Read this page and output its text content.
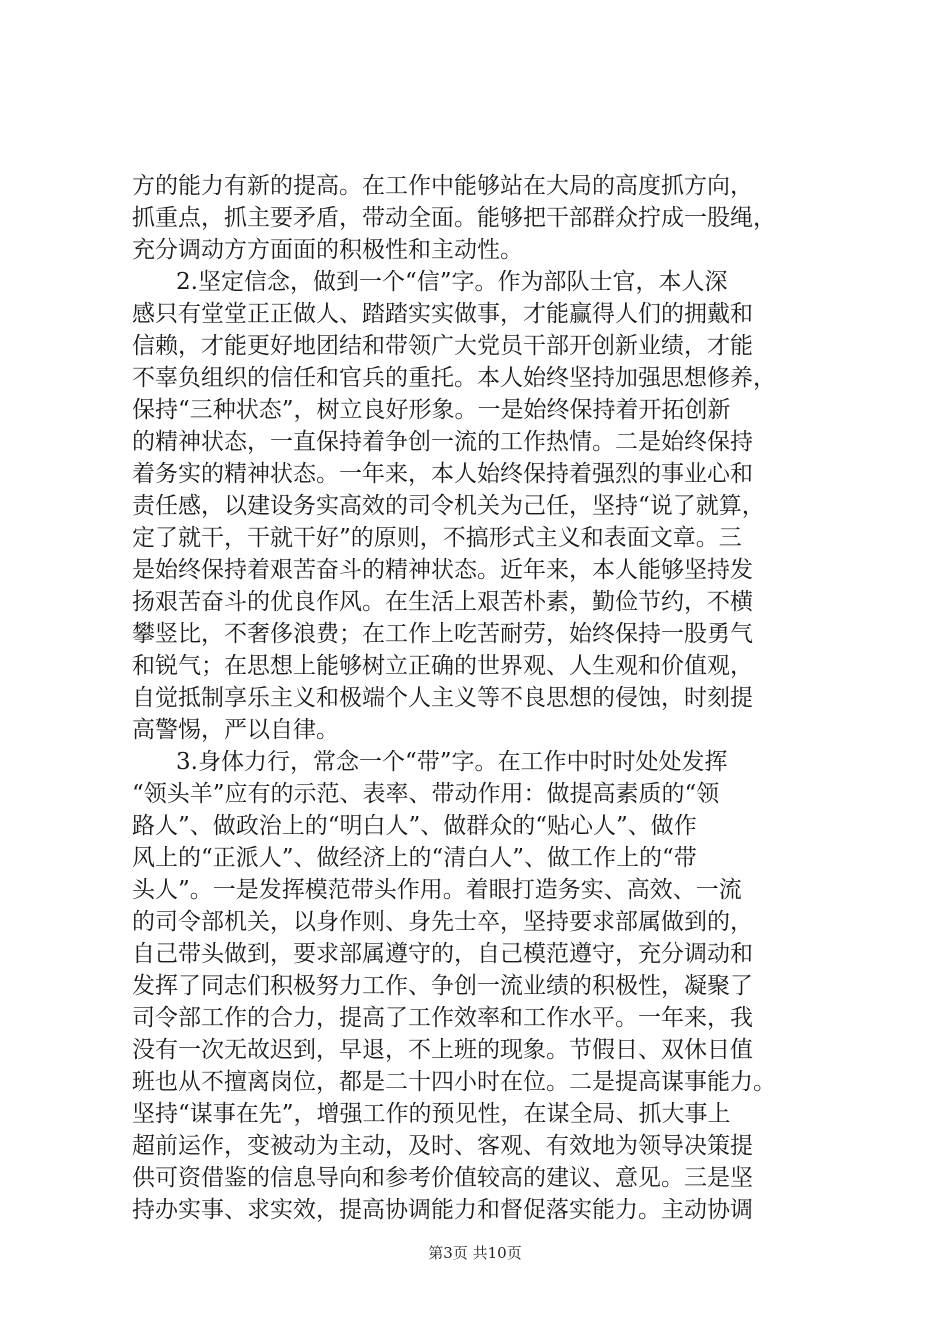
方的能力有新的提高。在工作中能够站在大局的高度抓方向，
抓重点，抓主要矛盾，带动全面。能够把干部群众拧成一股绳，
充分调动方方面面的积极性和主动性。
2.坚定信念，做到一个“信”字。作为部队士官，本人深
感只有堂堂正正做人、踏踏实实做事，才能赢得人们的拥戴和
信赖，才能更好地团结和带领广大党员干部开创新业绩，才能
不辜负组织的信任和官兵的重托。本人始终坚持加强思想修养，
保持“三种状态”，树立良好形象。一是始终保持着开拓创新
的精神状态，一直保持着争创一流的工作热情。二是始终保持
着务实的精神状态。一年来，本人始终保持着强烈的事业心和
责任感，以建设务实高效的司令机关为己任，坚持“说了就算，
定了就干，干就干好”的原则，不搞形式主义和表面文章。三
是始终保持着艰苦奋斗的精神状态。近年来，本人能够坚持发
扬艰苦奋斗的优良作风。在生活上艰苦朴素，勤俭节约，不横
攀竖比，不奢侈浪费；在工作上吃苦耐劳，始终保持一股勇气
和锐气；在思想上能够树立正确的世界观、人生观和价值观，
自觉抵制享乐主义和极端个人主义等不良思想的侵蚀，时刻提
高警惕，严以自律。
3.身体力行，常念一个“带”字。在工作中时时处处发挥
“领头羊”应有的示范、表率、带动作用：做提高素质的“领
路人”、做政治上的“明白人”、做群众的“贴心人”、做作
风上的“正派人”、做经济上的“清白人”、做工作上的“带
头人”。一是发挥模范带头作用。着眼打造务实、高效、一流
的司令部机关，以身作则、身先士卒，坚持要求部属做到的，
自己带头做到，要求部属遵守的，自己模范遵守，充分调动和
发挥了同志们积极努力工作、争创一流业绩的积极性，凝聚了
司令部工作的合力，提高了工作效率和工作水平。一年来，我
没有一次无故迟到，早退，不上班的现象。节假日、双休日值
班也从不擅离岗位，都是二十四小时在位。二是提高谋事能力。
坚持“谋事在先”，增强工作的预见性，在谋全局、抓大事上
超前运作，变被动为主动，及时、客观、有效地为领导决策提
供可资借鉴的信息导向和参考价值较高的建议、意见。三是坚
持办实事、求实效，提高协调能力和督促落实能力。主动协调
第3页 共10页
